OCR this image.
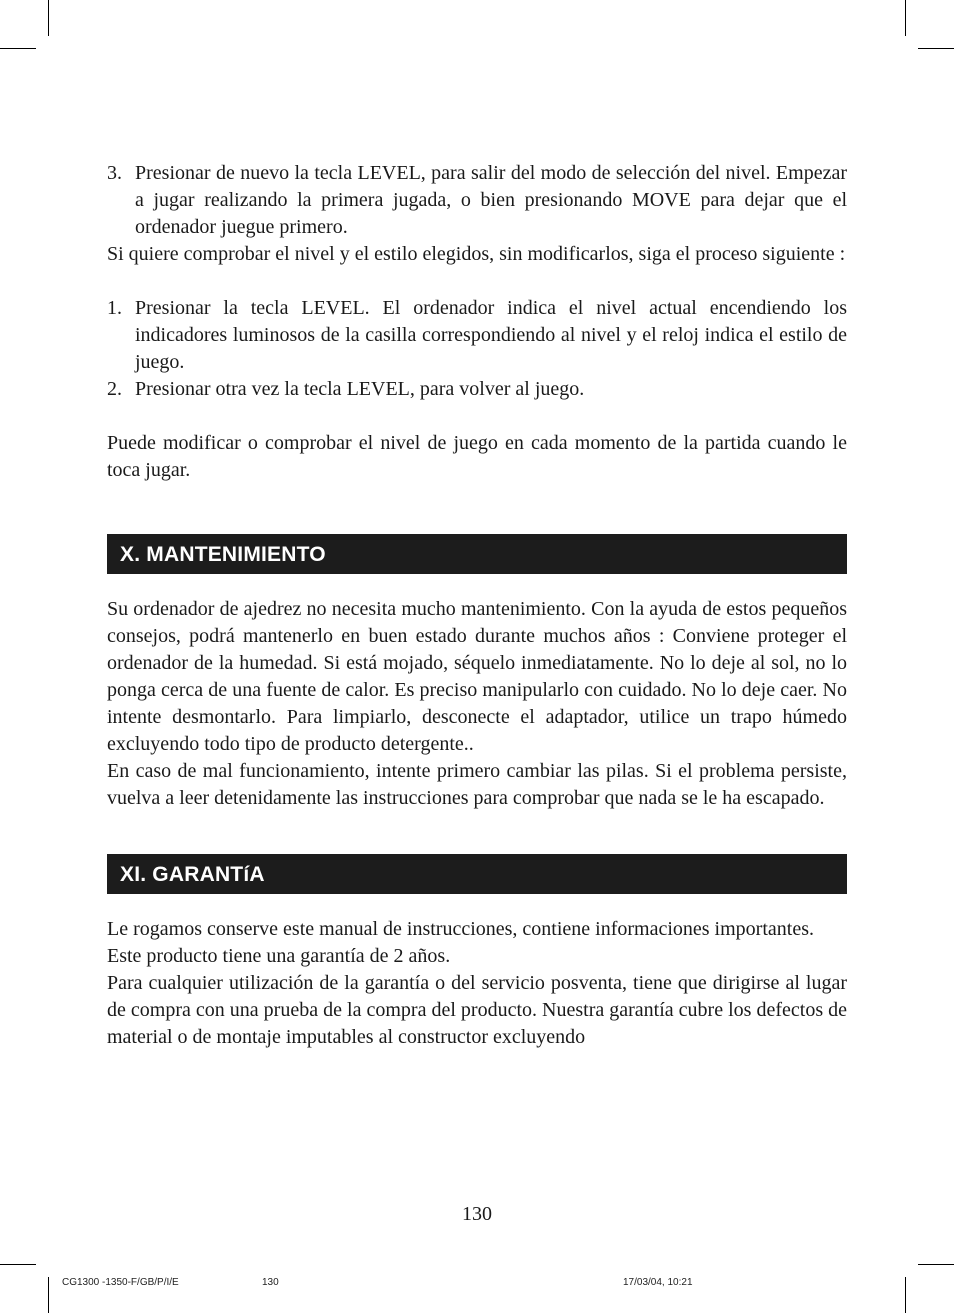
3. Presionar de nuevo la tecla LEVEL, para salir del modo de selección del nivel. Empezar a jugar realizando la primera jugada, o bien presionando MOVE para dejar que el ordenador juegue primero.

Si quiere comprobar el nivel y el estilo elegidos, sin modificarlos, siga el proceso siguiente :

1. Presionar la tecla LEVEL. El ordenador indica el nivel actual encendiendo los indicadores luminosos de la casilla correspondiendo al nivel y el reloj indica el estilo de juego.
2. Presionar otra vez la tecla LEVEL, para volver al juego.

Puede modificar o comprobar el nivel de juego en cada momento de la partida cuando le toca jugar.

X. MANTENIMIENTO

Su ordenador de ajedrez no necesita mucho mantenimiento. Con la ayuda de estos pequeños consejos, podrá mantenerlo en buen estado durante muchos años : Conviene proteger el ordenador de la humedad. Si está mojado, séquelo inmediatamente. No lo deje al sol, no lo ponga cerca de una fuente de calor. Es preciso manipularlo con cuidado. No lo deje caer. No intente desmontarlo. Para limpiarlo, desconecte el adaptador, utilice un trapo húmedo excluyendo todo tipo de producto detergente..

En caso de mal funcionamiento, intente primero cambiar las pilas. Si el problema persiste, vuelva a leer detenidamente las instrucciones para comprobar que nada se le ha escapado.

XI. GARANTíA

Le rogamos conserve este manual de instrucciones, contiene informaciones importantes.

Este producto tiene una garantía de 2 años.

Para cualquier utilización de la garantía o del servicio posventa, tiene que dirigirse al lugar de compra con una prueba de la compra del producto. Nuestra garantía cubre los defectos de material o de montaje imputables al constructor excluyendo

130
CG1300 -1350-F/GB/P/I/E	130	17/03/04, 10:21
